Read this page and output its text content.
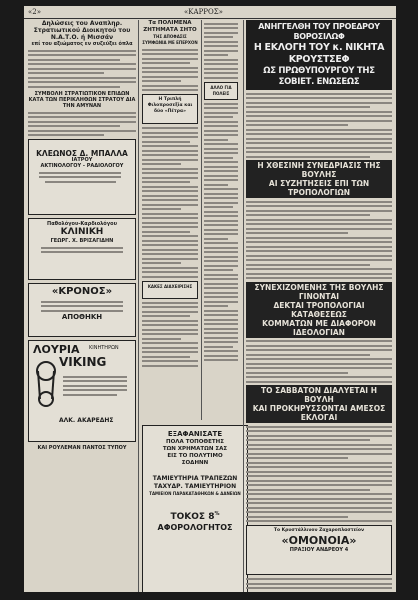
«2»	«ΚΑΡΡΟΣ»
Δηλώσεις του Αναπληρ. Στρατιωτικού Διοικητού του Ν.Α.Τ.Ο. ή Μισσάν
επί του αξιώματος εν συζεύξει όπλα
ΣΥΜΒΟΛΗ ΣΤΡΑΤΙΩΤΙΚΟΝ ΕΠΙΔΩΝ ΚΑΤΑ ΤΩΝ ΠΕΡΙΚΛΗΘΩΝ ΣΤΡΑΤΟΥ ΔΙΑ ΤΗΝ ΑΜΥΝΑΝ
ΚΛΕΩΝΟΣ Δ. ΜΠΑΛΛΑ
ΙΑΤΡΟΥ
ΑΚΤΙΝΟΛΟΓΟΥ - ΡΑΔΙΟΛΟΓΟΥ
Παθολόγου-Καρδιολόγου
ΚΛΙΝΙΚΗ
ΓΕΩΡΓ. Χ. ΒΡΙΣΑΓΙΔΗΝ
«ΚΡΟΝΟΣ»
ΑΠΟΘΗΚΗ
ΛΟΥΡΙΑ ΚΙΝΗΤΗΡΩΝ
VIKING
ΑΛΚ. ΑΚΑΡΕΔΗΣ
ΚΑΙ ΡΟΥΛΕΜΑΝ ΠΑΝΤΟΣ ΤΥΠΟΥ
Τα ΠΟΛΙΜΕΝΑ ΖΗΤΗΜΑΤΑ ΣΗΤΟ
ΤΗΣ ΑΠΟΦΑΣΙΣ ΣΥΜΦΩΝΙΑ ΜΕ ΕΠΕΡΧΟΝ
Η Τριπλή Φιλοπροσεξία και δύο «Πέτρα»
ΚΑΚΕΣ ΔΙΑΧΕΙΡΙΣΗΣ
ΑΛΛΟ ΓΙΑ ΠΟΛΕΙΣ
ΕΞΑΦΑΝΙΣΑΤΕ
ΠΟΛΑ ΤΟΠΟΘΕΤΗΣ
ΤΩΝ ΧΡΗΜΑΤΩΝ ΣΑΣ
ΕΙΣ ΤΟ ΠΟΛΥΤΙΜΟ
ΣΟΔΗΝΝ
ΤΑΜΙΕΥΤΗΡΙΑ ΤΡΑΠΕΖΩΝ
ΤΑΧΥΔΡ. ΤΑΜΙΕΥΤΗΡΙΟΝ
ΤΑΜΙΕΙΟΝ ΠΑΡΑΚΑΤΑΘΗΚΩΝ & ΔΑΝΕΙΩΝ
ΤΟΚΟΣ 8%
ΑΦΟΡΟΛΟΓΗΤΟΣ
ΑΝΗΓΓΕΛΘΗ ΤΟΥ ΠΡΟΕΔΡΟΥ ΒΟΡΟΣΙΛΩΦ
Η ΕΚΛΟΓΗ ΤΟΥ κ. ΝΙΚΗΤΑ ΚΡΟΥΣΤΣΕΦ
ΩΣ ΠΡΩΘΥΠΟΥΡΓΟΥ ΤΗΣ ΣΟΒΙΕΤ. ΕΝΩΣΕΩΣ
Η ΧΘΕΣΙΝΗ ΣΥΝΕΔΡΙΑΣΙΣ ΤΗΣ ΒΟΥΛΗΣ
ΑΙ ΣΥΖΗΤΗΣΕΙΣ ΕΠΙ ΤΩΝ ΤΡΟΠΟΛΟΓΙΩΝ
ΣΥΝΕΧΙΖΟΜΕΝΗΣ ΤΗΣ ΒΟΥΛΗΣ ΓΙΝΟΝΤΑΙ
ΔΕΚΤΑΙ ΤΡΟΠΟΛΟΓΙΑΙ ΚΑΤΑΘΕΣΕΩΣ
ΚΟΜΜΑΤΩΝ ΜΕ ΔΙΑΦΟΡΟΝ ΙΔΕΟΛΟΓΙΑΝ
ΤΟ ΣΑΒΒΑΤΟΝ ΔΙΑΛΥΕΤΑΙ Η ΒΟΥΛΗ
ΚΑΙ ΠΡΟΚΗΡΥΣΣΟΝΤΑΙ ΑΜΕΣΟΣ ΕΚΛΟΓΑΙ
Το Κρυστάλλινον Ζαχαροπλαστείον
«ΟΜΟΝΟΙΑ»
ΠΡΑΞΙΟΥ ΑΝΔΡΕΟΥ 4
